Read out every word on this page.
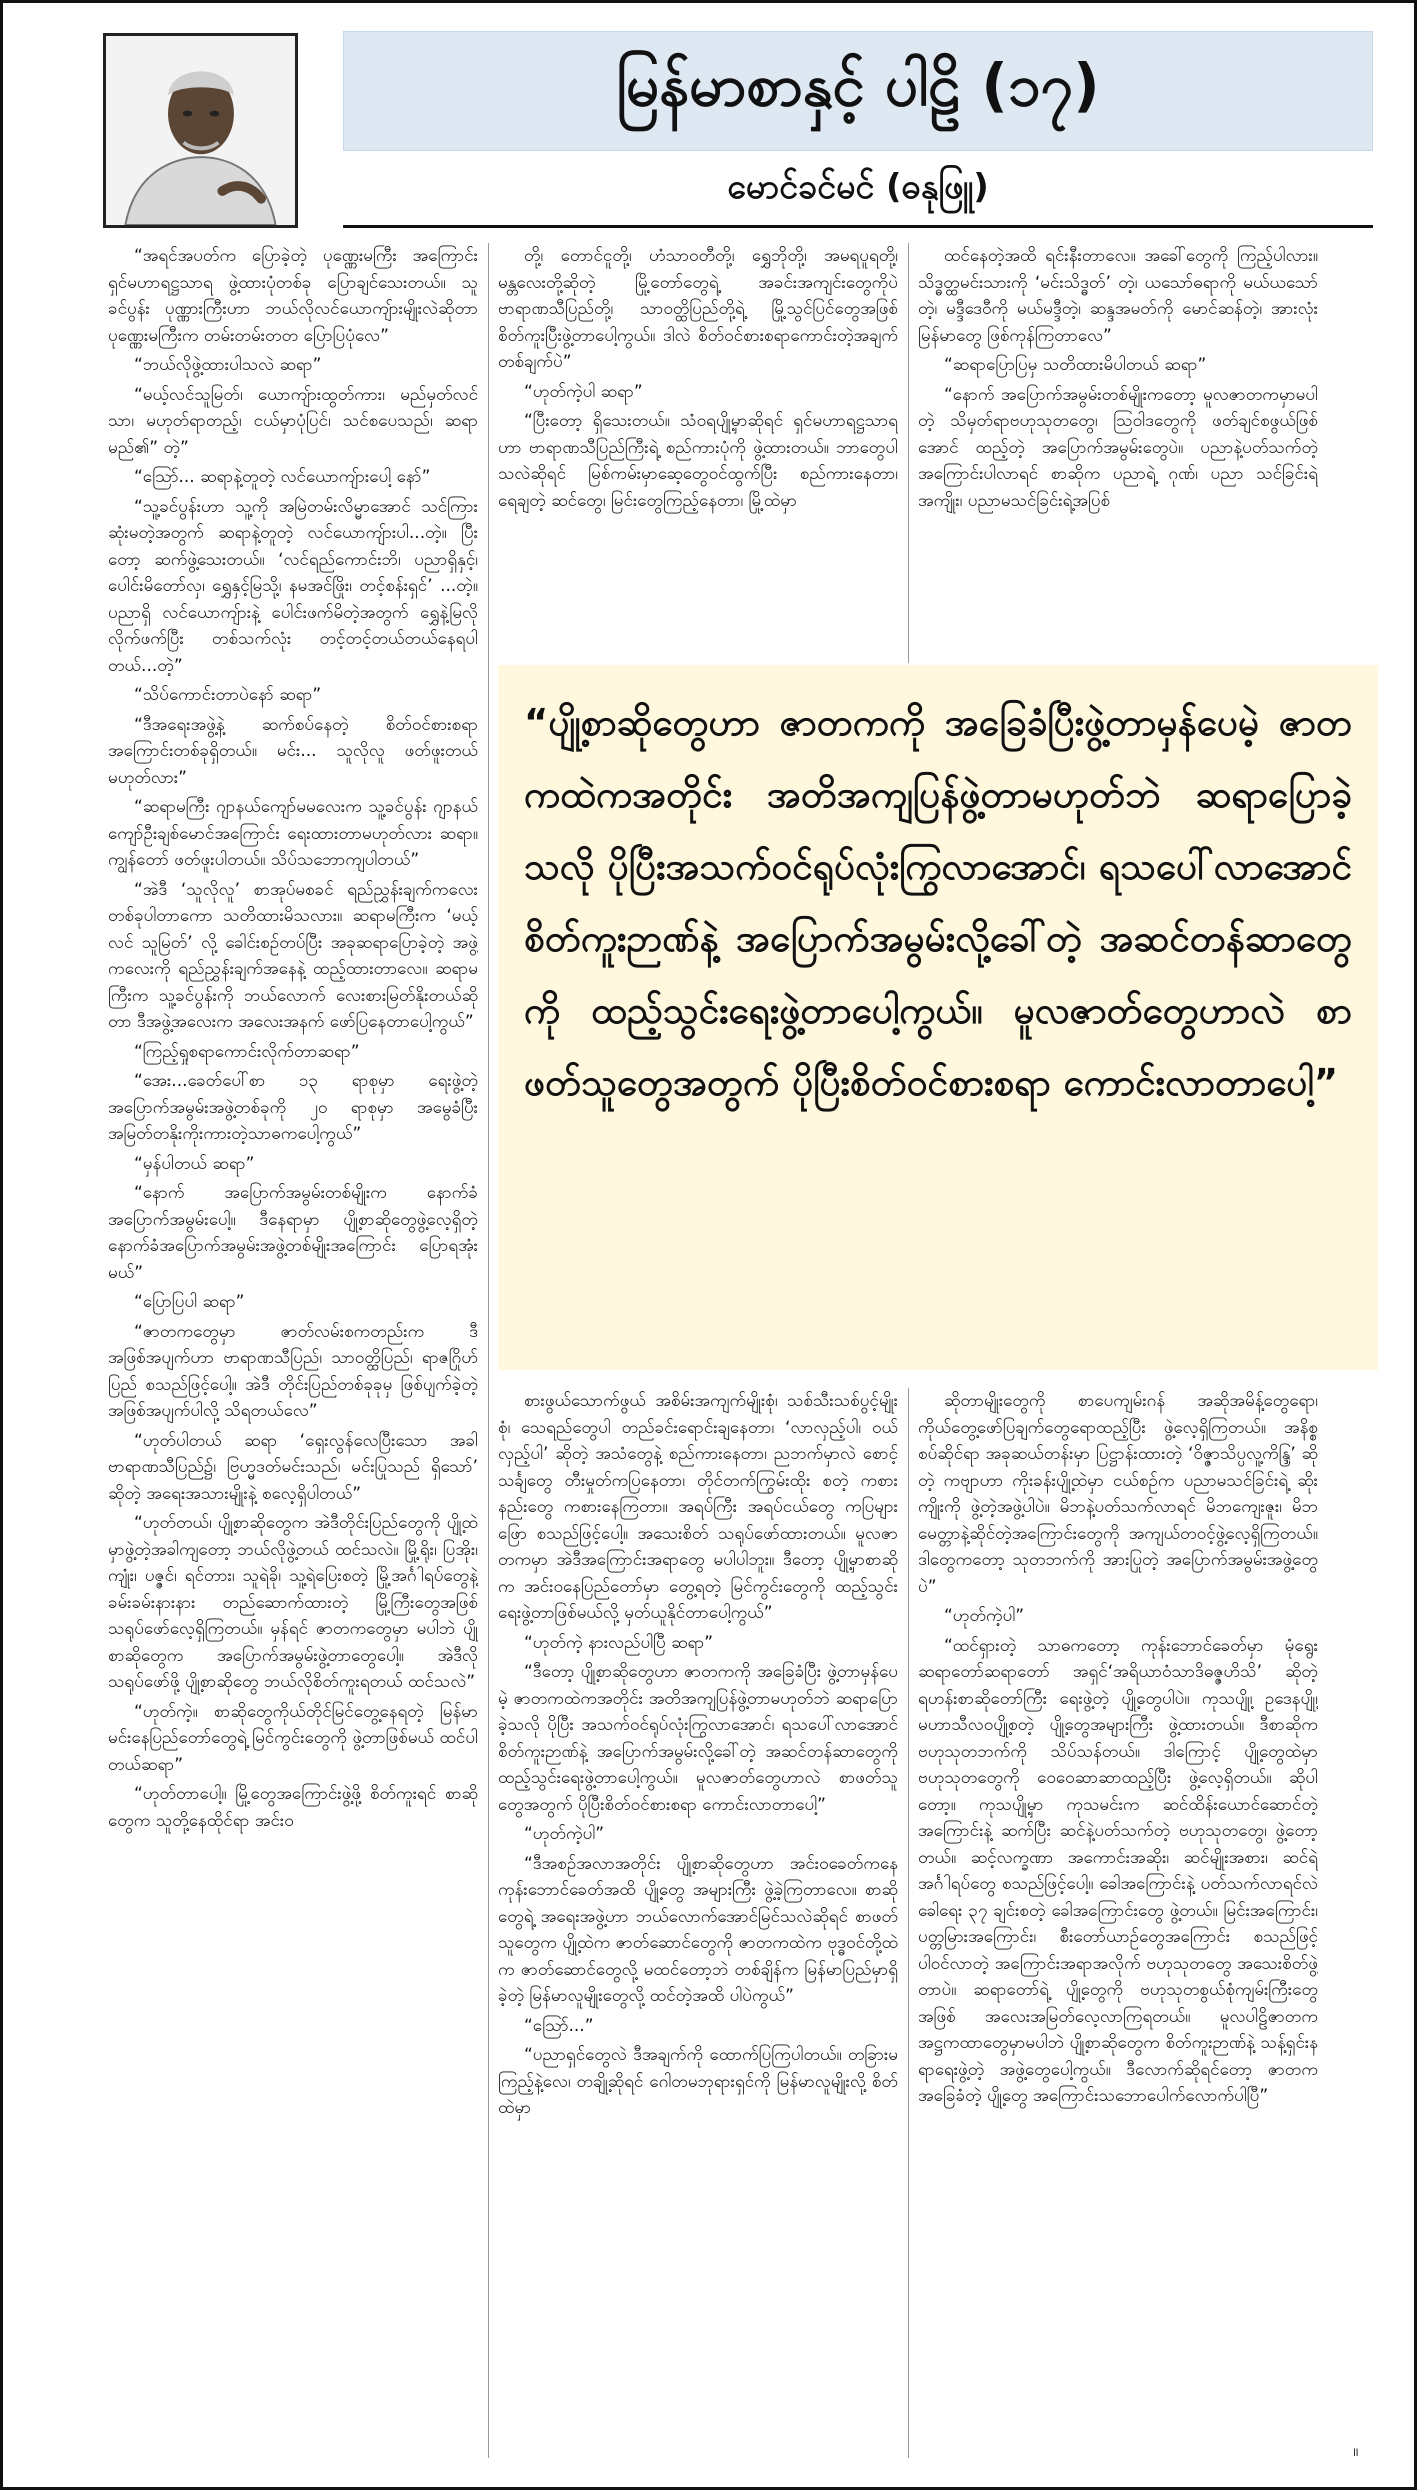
မြန်မာစာနှင့် ပါဠိ (၁၇)
မောင်ခင်မင် (ဓနုဖြူ)

“အရင်အပတ်က ပြောခဲ့တဲ့ ပုဏ္ဏေးမကြီး အကြောင်း ရှင်မဟာရဋ္ဌသာရ ဖွဲ့ထားပုံတစ်ခု ပြောချင်သေးတယ်။ သူခင်ပွန်း ပုဏ္ဏားကြီးဟာ ဘယ်လိုလင်ယောကျ်ားမျိုးလဲဆိုတာ ပုဏ္ဏေးမကြီးက တမ်းတမ်းတတ ပြောပြပုံလေ”

“ဘယ်လိုဖွဲ့ထားပါသလဲ ဆရာ”

“မယ့်လင်သူမြတ်၊ ယောကျ်ားထွတ်ကား၊ မည်မှတ်လင်သာ၊ မဟုတ်ရာတည့်၊ ငယ်မှာပုံပြင်၊ သင်စပေသည်၊ ဆရာမည်၏” တဲ့”

“ဪ... ဆရာနဲ့တူတဲ့ လင်ယောကျ်ားပေါ့ နော်”

“သူ့ခင်ပွန်းဟာ သူ့ကို အမြဲတမ်းလိမ္မာအောင် သင်ကြားဆုံးမတဲ့အတွက် ဆရာနဲ့တူတဲ့ လင်ယောကျ်ားပါ...တဲ့။ ပြီးတော့ ဆက်ဖွဲ့သေးတယ်။ ‘လင်ရည်ကောင်းဘိ၊ ပညာရှိနှင့်၊ ပေါင်းမိတော်လှ၊ ရွှေနှင့်မြသို့၊ နမအင်ဖြိုး၊ တင့်စန်းရှင်’ ...တဲ့။ ပညာရှိ လင်ယောကျ်ားနဲ့ ပေါင်းဖက်မိတဲ့အတွက် ရွှေနဲ့မြလို လိုက်ဖက်ပြီး တစ်သက်လုံး တင့်တင့်တယ်တယ်နေရပါတယ်...တဲ့”

“သိပ်ကောင်းတာပဲနော် ဆရာ”

“ဒီအရေးအဖွဲ့နဲ့ ဆက်စပ်နေတဲ့ စိတ်ဝင်စားစရာအကြောင်းတစ်ခုရှိတယ်။ မင်း... သူလိုလူ ဖတ်ဖူးတယ် မဟုတ်လား”

“ဆရာမကြီး ဂျာနယ်ကျော်မမလေးက သူ့ခင်ပွန်း ဂျာနယ်ကျော်ဦးချစ်မောင်အကြောင်း ရေးထားတာမဟုတ်လား ဆရာ။ ကျွန်တော် ဖတ်ဖူးပါတယ်။ သိပ်သဘောကျပါတယ်”

“အဲဒီ ‘သူလိုလူ’ စာအုပ်မစခင် ရည်ညွှန်းချက်ကလေးတစ်ခုပါတာကော သတိထားမိသလား။ ဆရာမကြီးက ‘မယ့်လင် သူမြတ်’ လို့ ခေါင်းစဉ်တပ်ပြီး အခုဆရာပြောခဲ့တဲ့ အဖွဲ့ကလေးကို ရည်ညွှန်းချက်အနေနဲ့ ထည့်ထားတာလေ။ ဆရာမကြီးက သူ့ခင်ပွန်းကို ဘယ်လောက် လေးစားမြတ်နိုးတယ်ဆိုတာ ဒီအဖွဲ့အလေးက အလေးအနက် ဖော်ပြနေတာပေါ့ကွယ်”

“ကြည့်ရှုစရာကောင်းလိုက်တာဆရာ”

“အေး...ခေတ်ပေါ်စာ ၁၃ ရာစုမှာ ရေးဖွဲ့တဲ့ အပြောက်အမွမ်းအဖွဲ့တစ်ခုကို ၂၀ ရာစုမှာ အမွေခံပြီးအမြတ်တနိုးကိုးကားတဲ့သာဓကပေါ့ကွယ်”

“မှန်ပါတယ် ဆရာ”

“နောက် အပြောက်အမွမ်းတစ်မျိုးက နောက်ခံအပြောက်အမွမ်းပေါ့။ ဒီနေရာမှာ ပျို့စာဆိုတွေဖွဲ့လေ့ရှိတဲ့ နောက်ခံအပြောက်အမွမ်းအဖွဲ့တစ်မျိုးအကြောင်း ပြောရအုံးမယ်”

“ပြောပြပါ ဆရာ”

“ဇာတကတွေမှာ ဇာတ်လမ်းစကတည်းက ဒီအဖြစ်အပျက်ဟာ ဗာရာဏသီပြည်၊ သာဝတ္ထိပြည်၊ ရာဇဂြိုဟ်ပြည် စသည်ဖြင့်ပေါ့။ အဲဒီ တိုင်းပြည်တစ်ခုခုမှ ဖြစ်ပျက်ခဲ့တဲ့ အဖြစ်အပျက်ပါလို့ သိရတယ်လေ”

“ဟုတ်ပါတယ် ဆရာ ‘ရှေးလွန်လေပြီးသော အခါ ဗာရာဏသီပြည်၌၊ ဗြဟ္မဒတ်မင်းသည်၊ မင်းပြုသည် ရှိသော်’ ဆိုတဲ့ အရေးအသားမျိုးနဲ့ စလေ့ရှိပါတယ်”

“ဟုတ်တယ်၊ ပျို့စာဆိုတွေက အဲဒီတိုင်းပြည်တွေကို ပျို့ထဲမှာဖွဲ့တဲ့အခါကျတော့ ဘယ်လိုဖွဲ့တယ် ထင်သလဲ။ မြို့ရိုး၊ ပြအိုး၊ ကျုံး၊ ပဇ္ဇင်၊ ရင်တား၊ သူရဲခို၊ သူ့ရဲပြေးစတဲ့ မြို့အင်္ဂါရပ်တွေနဲ့ ခမ်းခမ်းနားနား တည်ဆောက်ထားတဲ့ မြို့ကြီးတွေအဖြစ် သရုပ်ဖော်လေ့ရှိကြတယ်။ မှန်ရင် ဇာတကတွေမှာ မပါဘဲ ပျို့စာဆိုတွေက အပြောက်အမွမ်းဖွဲ့တာတွေပေါ့။ အဲဒီလိုသရုပ်ဖော်ဖို့ ပျို့စာဆိုတွေ ဘယ်လိုစိတ်ကူးရတယ် ထင်သလဲ”

“ဟုတ်ကဲ့။ စာဆိုတွေကိုယ်တိုင်မြင်တွေ့နေရတဲ့ မြန်မာမင်းနေပြည်တော်တွေရဲ့ မြင်ကွင်းတွေကို ဖွဲ့တာဖြစ်မယ် ထင်ပါတယ်ဆရာ”

“ဟုတ်တာပေါ့။ မြို့တွေအကြောင်းဖွဲ့ဖို့ စိတ်ကူးရင် စာဆိုတွေက သူတို့နေထိုင်ရာ အင်းဝ

တို့၊ တောင်ငူတို့၊ ဟံသာဝတီတို့၊ ရွှေဘိုတို့၊ အမရပူရတို့၊ မန္တလေးတို့ဆိုတဲ့ မြို့တော်တွေရဲ့ အခင်းအကျင်းတွေကိုပဲ ဗာရာဏသီပြည်တို့၊ သာဝတ္ထိပြည်တို့ရဲ့ မြို့သွင်ပြင်တွေအဖြစ် စိတ်ကူးပြီးဖွဲ့တာပေါ့ကွယ်။ ဒါလဲ စိတ်ဝင်စားစရာကောင်းတဲ့အချက်တစ်ချက်ပဲ”

“ဟုတ်ကဲ့ပါ ဆရာ”

“ပြီးတော့ ရှိသေးတယ်။ သံဝရပျို့မှာဆိုရင် ရှင်မဟာရဋ္ဌသာရဟာ ဗာရာဏသီပြည်ကြီးရဲ့ စည်ကားပုံကို ဖွဲ့ထားတယ်။ ဘာတွေပါသလဲဆိုရင် မြစ်ကမ်းမှာဆေ့တွေဝင်ထွက်ပြီး စည်ကားနေတာ၊ ရေချတဲ့ ဆင်တွေ၊ မြင်းတွေကြည့်နေတာ၊ မြို့ထဲမှာ

ထင်နေတဲ့အထိ ရင်းနီးတာလေ။ အခေါ်တွေကို ကြည့်ပါလား။ သိဒ္ဓတ္ထမင်းသားကို ‘မင်းသိဒ္ဓတ်’ တဲ့၊ ယသော်ဓရာကို မယ်ယသော်တဲ့၊ မဒ္ဒီဒေဝီကို မယ်မဒ္ဒီတဲ့၊ ဆန္ဒအမတ်ကို မောင်ဆန်တဲ့၊ အားလုံး မြန်မာတွေ ဖြစ်ကုန်ကြတာလေ”

“ဆရာပြောပြမှ သတိထားမိပါတယ် ဆရာ”

“နောက် အပြောက်အမွမ်းတစ်မျိုးကတော့ မူလဇာတကမှာမပါတဲ့ သိမှတ်ရာဗဟုသုတတွေ၊ ဩဝါဒတွေကို ဖတ်ချင်စဖွယ်ဖြစ်အောင် ထည့်တဲ့ အပြောက်အမွမ်းတွေပဲ။ ပညာနဲ့ပတ်သက်တဲ့ အကြောင်းပါလာရင် စာဆိုက ပညာရဲ့ ဂုဏ်၊ ပညာ သင်ခြင်းရဲ့အကျိုး၊ ပညာမသင်ခြင်းရဲ့အပြစ်

“ပျို့စာဆိုတွေဟာ ဇာတကကို အခြေခံပြီးဖွဲ့တာမှန်ပေမဲ့ ဇာတကထဲကအတိုင်း အတိအကျပြန်ဖွဲ့တာမဟုတ်ဘဲ ဆရာပြောခဲ့သလို ပိုပြီးအသက်ဝင်ရုပ်လုံးကြွလာအောင်၊ ရသပေါ်လာအောင် စိတ်ကူးဉာဏ်နဲ့ အပြောက်အမွမ်းလို့ခေါ်တဲ့ အဆင်တန်ဆာတွေကို ထည့်သွင်းရေးဖွဲ့တာပေါ့ကွယ်။ မူလဇာတ်တွေဟာလဲ စာဖတ်သူတွေအတွက် ပိုပြီးစိတ်ဝင်စားစရာ ကောင်းလာတာပေါ့”

စားဖွယ်သောက်ဖွယ် အစိမ်းအကျက်မျိုးစုံ၊ သစ်သီးသစ်ပွင့်မျိုးစုံ၊ သေရည်တွေပါ တည်ခင်းရောင်းချနေတာ၊ ‘လာလှည့်ပါ၊ ဝယ်လှည့်ပါ’ ဆိုတဲ့ အသံတွေနဲ့ စည်ကားနေတာ၊ ညဘက်မှာလဲ စောင့်သင်္ချတွေ တီးမှုတ်ကပြနေတာ၊ တိုင်တက်ကြွမ်းထိုး စတဲ့ ကစားနည်းတွေ ကစားနေကြတာ။ အရပ်ကြီး အရပ်ငယ်တွေ ကပြများဖြော စသည်ဖြင့်ပေါ့။ အသေးစိတ် သရုပ်ဖော်ထားတယ်။ မူလဇာတကမှာ အဲဒီအကြောင်းအရာတွေ မပါပါဘူး။ ဒီတော့ ပျို့မှာစာဆိုက အင်းဝနေပြည်တော်မှာ တွေ့ရတဲ့ မြင်ကွင်းတွေကို ထည့်သွင်းရေးဖွဲ့တာဖြစ်မယ်လို့ မှတ်ယူနိုင်တာပေါ့ကွယ်”

“ဟုတ်ကဲ့ နားလည်ပါပြီ ဆရာ”

“ဒီတော့ ပျို့စာဆိုတွေဟာ ဇာတကကို အခြေခံပြီး ဖွဲ့တာမှန်ပေမဲ့ ဇာတကထဲကအတိုင်း အတိအကျပြန်ဖွဲ့တာမဟုတ်ဘဲ ဆရာပြောခဲ့သလို ပိုပြီး အသက်ဝင်ရုပ်လုံးကြွလာအောင်၊ ရသပေါ်လာအောင် စိတ်ကူးဉာဏ်နဲ့ အပြောက်အမွမ်းလို့ခေါ်တဲ့ အဆင်တန်ဆာတွေကို ထည့်သွင်းရေးဖွဲ့တာပေါ့ကွယ်။ မူလဇာတ်တွေဟာလဲ စာဖတ်သူတွေအတွက် ပိုပြီးစိတ်ဝင်စားစရာ ကောင်းလာတာပေါ့”

“ဟုတ်ကဲ့ပါ”

“ဒီအစဉ်အလာအတိုင်း ပျို့စာဆိုတွေဟာ အင်းဝခေတ်ကနေ ကုန်းဘောင်ခေတ်အထိ ပျို့တွေ အများကြီး ဖွဲ့ခဲ့ကြတာလေ။ စာဆိုတွေရဲ့ အရေးအဖွဲ့ဟာ ဘယ်လောက်အောင်မြင်သလဲဆိုရင် စာဖတ်သူတွေက ပျို့ထဲက ဇာတ်ဆောင်တွေကို ဇာတကထဲက ဗုဒ္ဓဝင်တို့ထဲက ဇာတ်ဆောင်တွေလို့ မထင်တော့ဘဲ တစ်ချိန်က မြန်မာပြည်မှာရှိခဲ့တဲ့ မြန်မာလူမျိုးတွေလို့ ထင်တဲ့အထိ ပါပဲကွယ်”

“ဪ...”

“ပညာရှင်တွေလဲ ဒီအချက်ကို ထောက်ပြကြပါတယ်။ တခြားမကြည့်နဲ့လေ၊ တချို့ဆိုရင် ဂေါတမဘုရားရှင်ကို မြန်မာလူမျိုးလို့ စိတ်ထဲမှာ

ဆိုတာမျိုးတွေကို စာပေကျမ်းဂန် အဆိုအမိန့်တွေရော၊ ကိုယ်တွေ့ဖော်ပြချက်တွေရောထည့်ပြီး ဖွဲ့လေ့ရှိကြတယ်။ အနိစ္စစပ်ဆိုင်ရာ အခုဆယ်တန်းမှာ ပြဋ္ဌာန်းထားတဲ့ ‘ဝိဇ္ဇာသိပ္ပလူ့ကိန္ဒြ’ ဆိုတဲ့ ကဗျာဟာ ကိုးခန်းပျို့ထဲမှာ ငယ်စဉ်က ပညာမသင်ခြင်းရဲ့ ဆိုးကျိုးကို ဖွဲ့တဲ့အဖွဲ့ပါပဲ။ မိဘနဲ့ပတ်သက်လာရင် မိဘကျေးဇူး၊ မိဘမေတ္တာနဲ့ဆိုင်တဲ့အကြောင်းတွေကို အကျယ်တဝင့်ဖွဲ့လေ့ရှိကြတယ်။ ဒါတွေကတော့ သုတဘက်ကို အားပြုတဲ့ အပြောက်အမွမ်းအဖွဲ့တွေပဲ”

“ဟုတ်ကဲ့ပါ”

“ထင်ရှားတဲ့ သာဓကတော့ ကုန်းဘောင်ခေတ်မှာ မုံရွေးဆရာတော်ဆရာတော် အရှင်‘အရိယာဝံသာဒိဓဇ္ဇဟိသိ’ ဆိုတဲ့ ရဟန်းစာဆိုတော်ကြီး ရေးဖွဲ့တဲ့ ပျို့တွေပါပဲ။ ကုသပျို့၊ ဥဒေနပျို့၊ မဟာသီလဝပျို့စတဲ့ ပျို့တွေအများကြီး ဖွဲ့ထားတယ်။ ဒီစာဆိုက ဗဟုသုတဘက်ကို သိပ်သန်တယ်။ ဒါကြောင့် ပျို့တွေထဲမှာ ဗဟုသုတတွေကို ဝေဝေဆာဆာထည့်ပြီး ဖွဲ့လေ့ရှိတယ်။ ဆိုပါတော့။ ကုသပျို့မှာ ကုသမင်းက ဆင်ထိန်းယောင်ဆောင်တဲ့အကြောင်းနဲ့ ဆက်ပြီး ဆင်နဲ့ပတ်သက်တဲ့ ဗဟုသုတတွေ၊ ဖွဲ့တော့တယ်။ ဆင့်လက္ခဏာ အကောင်းအဆိုး၊ ဆင်မျိုးအစား၊ ဆင်ရဲ့အင်္ဂါရပ်တွေ စသည်ဖြင့်ပေါ့။ ခေါအကြောင်းနဲ့ ပတ်သက်လာရင်လဲ ခေါရေး ၃၇ ချင်းစတဲ့ ခေါအကြောင်းတွေ ဖွဲ့တယ်။ မြင်းအကြောင်း၊ ပတ္တမြားအကြောင်း၊ စီးတော်ယာဉ်တွေအကြောင်း စသည်ဖြင့် ပါဝင်လာတဲ့ အကြောင်းအရာအလိုက် ဗဟုသုတတွေ အသေးစိတ်ဖွဲ့တာပဲ။ ဆရာတော်ရဲ့ ပျို့တွေကို ဗဟုသုတစွယ်စုံကျမ်းကြီးတွေအဖြစ် အလေးအမြတ်လေ့လာကြရတယ်။ မူလပါဠိဇာတက အဋ္ဌကထာတွေမှာမပါဘဲ ပျို့စာဆိုတွေက စိတ်ကူးဉာဏ်နဲ့ သန့်ရှင်းနရာရေးဖွဲ့တဲ့ အဖွဲ့တွေပေါ့ကွယ်။ ဒီလောက်ဆိုရင်တော့ ဇာတကအခြေခံတဲ့ ပျို့တွေ အကြောင်းသဘောပေါက်လောက်ပါပြီ”

။
